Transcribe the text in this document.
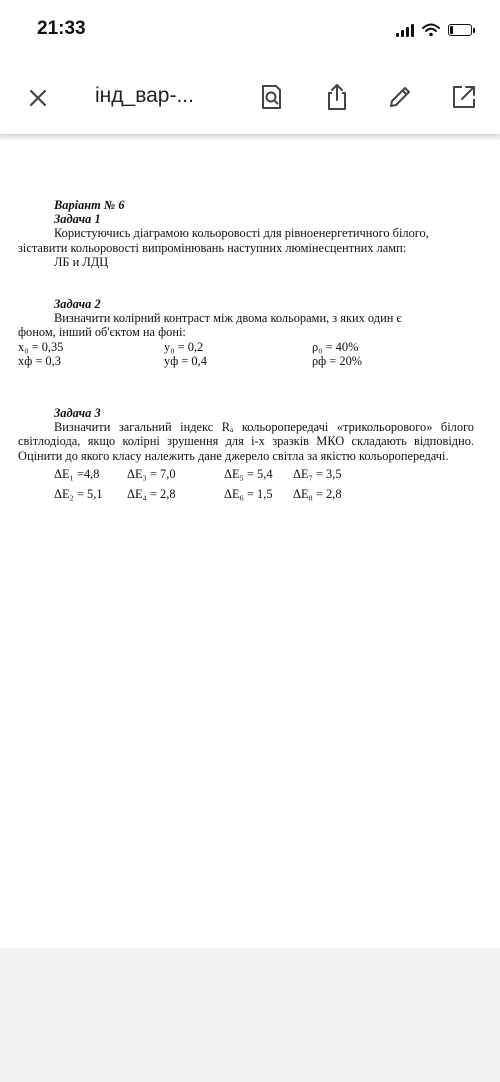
21:33
інд_вар-...
Варіант № 6
Задача 1
Користуючись діаграмою кольоровості для рівноенергетичного білого,
зіставити кольоровості випромінювань наступних люмінесцентних ламп:
ЛБ и ЛДЦ
Задача 2
Визначити колірний контраст між двома кольорами, з яких один є
фоном, інший об'єктом на фоні:
x₀ = 0,35	y₀ = 0,2	ρ₀ = 40%
xф = 0,3	yф = 0,4	ρф = 20%
Задача 3
Визначити загальний індекс Rₐ кольоропередачі «трикольорового» білого світлодіода, якщо колірні зрушення для і-х зразків МКО складають відповідно. Оцінити до якого класу належить дане джерело світла за якістю кольоропередачі.
ΔE₁ =4,8	ΔE₃ = 7,0	ΔE₅ = 5,4	ΔE₇ = 3,5
ΔE₂ = 5,1	ΔE₄ = 2,8	ΔE₆ = 1,5	ΔE₈ = 2,8
